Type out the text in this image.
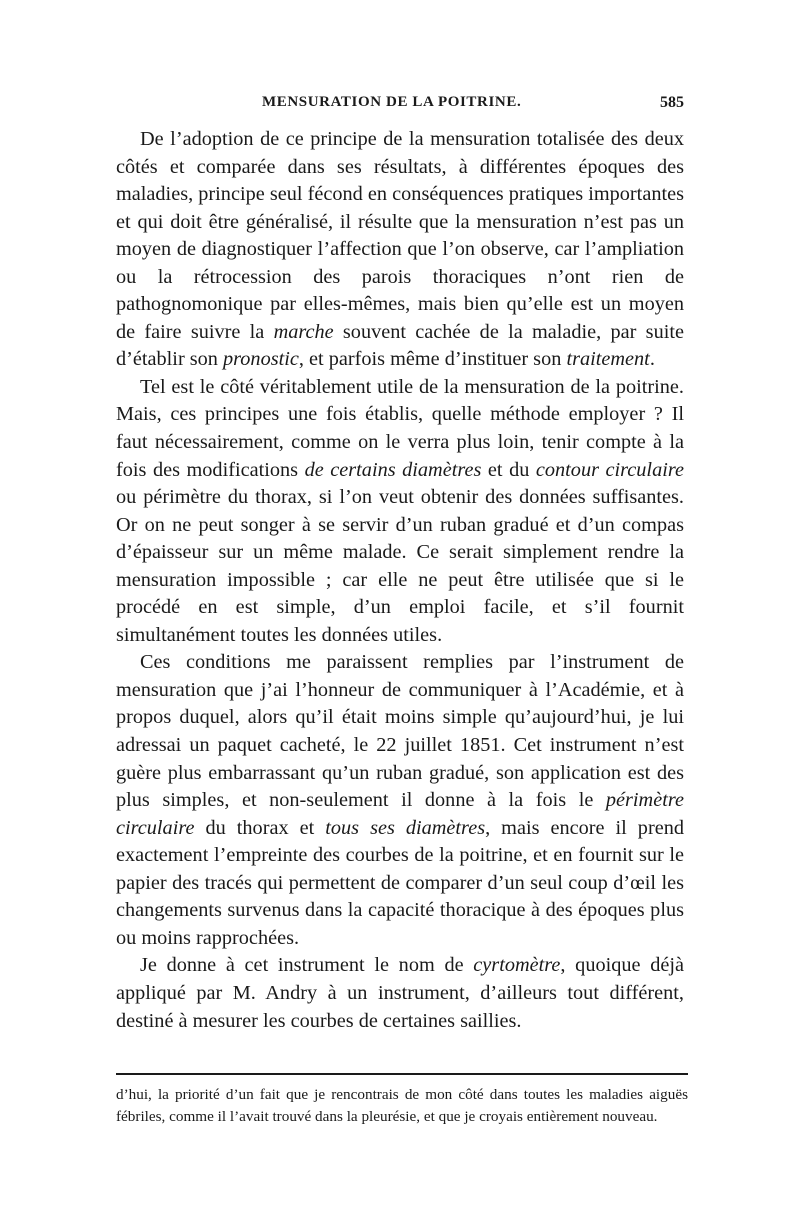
MENSURATION DE LA POITRINE.	585

De l’adoption de ce principe de la mensuration totalisée des deux côtés et comparée dans ses résultats, à différentes époques des maladies, principe seul fécond en conséquences pratiques importantes et qui doit être généralisé, il résulte que la mensuration n’est pas un moyen de diagnostiquer l’affection que l’on observe, car l’ampliation ou la rétrocession des parois thoraciques n’ont rien de pathognomonique par elles-mêmes, mais bien qu’elle est un moyen de faire suivre la marche souvent cachée de la maladie, par suite d’établir son pronostic, et parfois même d’instituer son traitement.

Tel est le côté véritablement utile de la mensuration de la poitrine. Mais, ces principes une fois établis, quelle méthode employer ? Il faut nécessairement, comme on le verra plus loin, tenir compte à la fois des modifications de certains diamètres et du contour circulaire ou périmètre du thorax, si l’on veut obtenir des données suffisantes. Or on ne peut songer à se servir d’un ruban gradué et d’un compas d’épaisseur sur un même malade. Ce serait simplement rendre la mensuration impossible ; car elle ne peut être utilisée que si le procédé en est simple, d’un emploi facile, et s’il fournit simultanément toutes les données utiles.

Ces conditions me paraissent remplies par l’instrument de mensuration que j’ai l’honneur de communiquer à l’Académie, et à propos duquel, alors qu’il était moins simple qu’aujourd’hui, je lui adressai un paquet cacheté, le 22 juillet 1851. Cet instrument n’est guère plus embarrassant qu’un ruban gradué, son application est des plus simples, et non-seulement il donne à la fois le périmètre circulaire du thorax et tous ses diamètres, mais encore il prend exactement l’empreinte des courbes de la poitrine, et en fournit sur le papier des tracés qui permettent de comparer d’un seul coup d’œil les changements survenus dans la capacité thoracique à des époques plus ou moins rapprochées.

Je donne à cet instrument le nom de cyrtomètre, quoique déjà appliqué par M. Andry à un instrument, d’ailleurs tout différent, destiné à mesurer les courbes de certaines saillies.

d’hui, la priorité d’un fait que je rencontrais de mon côté dans toutes les maladies aiguës fébriles, comme il l’avait trouvé dans la pleurésie, et que je croyais entièrement nouveau.
